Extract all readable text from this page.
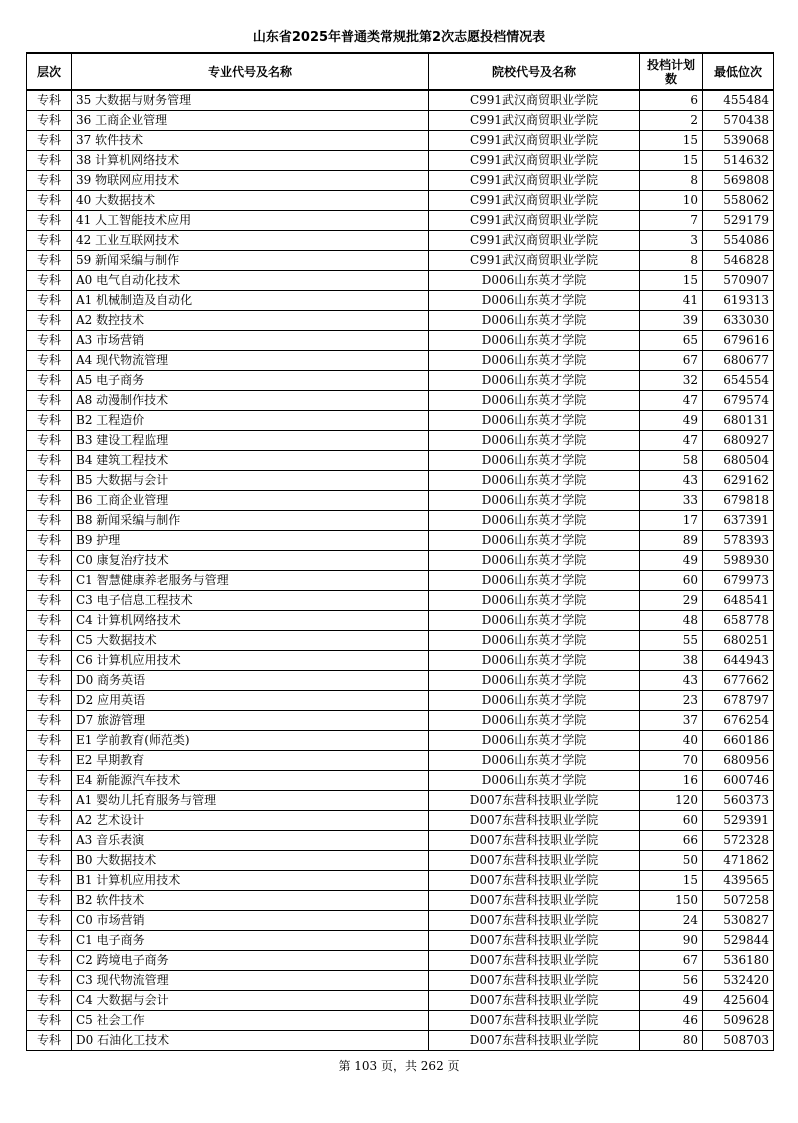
山东省2025年普通类常规批第2次志愿投档情况表
层次	专业代号及名称	院校代号及名称	投档计划数	最低位次
专科	35 大数据与财务管理	C991武汉商贸职业学院	6	455484
专科	36 工商企业管理	C991武汉商贸职业学院	2	570438
专科	37 软件技术	C991武汉商贸职业学院	15	539068
专科	38 计算机网络技术	C991武汉商贸职业学院	15	514632
专科	39 物联网应用技术	C991武汉商贸职业学院	8	569808
专科	40 大数据技术	C991武汉商贸职业学院	10	558062
专科	41 人工智能技术应用	C991武汉商贸职业学院	7	529179
专科	42 工业互联网技术	C991武汉商贸职业学院	3	554086
专科	59 新闻采编与制作	C991武汉商贸职业学院	8	546828
专科	A0 电气自动化技术	D006山东英才学院	15	570907
专科	A1 机械制造及自动化	D006山东英才学院	41	619313
专科	A2 数控技术	D006山东英才学院	39	633030
专科	A3 市场营销	D006山东英才学院	65	679616
专科	A4 现代物流管理	D006山东英才学院	67	680677
专科	A5 电子商务	D006山东英才学院	32	654554
专科	A8 动漫制作技术	D006山东英才学院	47	679574
专科	B2 工程造价	D006山东英才学院	49	680131
专科	B3 建设工程监理	D006山东英才学院	47	680927
专科	B4 建筑工程技术	D006山东英才学院	58	680504
专科	B5 大数据与会计	D006山东英才学院	43	629162
专科	B6 工商企业管理	D006山东英才学院	33	679818
专科	B8 新闻采编与制作	D006山东英才学院	17	637391
专科	B9 护理	D006山东英才学院	89	578393
专科	C0 康复治疗技术	D006山东英才学院	49	598930
专科	C1 智慧健康养老服务与管理	D006山东英才学院	60	679973
专科	C3 电子信息工程技术	D006山东英才学院	29	648541
专科	C4 计算机网络技术	D006山东英才学院	48	658778
专科	C5 大数据技术	D006山东英才学院	55	680251
专科	C6 计算机应用技术	D006山东英才学院	38	644943
专科	D0 商务英语	D006山东英才学院	43	677662
专科	D2 应用英语	D006山东英才学院	23	678797
专科	D7 旅游管理	D006山东英才学院	37	676254
专科	E1 学前教育(师范类)	D006山东英才学院	40	660186
专科	E2 早期教育	D006山东英才学院	70	680956
专科	E4 新能源汽车技术	D006山东英才学院	16	600746
专科	A1 婴幼儿托育服务与管理	D007东营科技职业学院	120	560373
专科	A2 艺术设计	D007东营科技职业学院	60	529391
专科	A3 音乐表演	D007东营科技职业学院	66	572328
专科	B0 大数据技术	D007东营科技职业学院	50	471862
专科	B1 计算机应用技术	D007东营科技职业学院	15	439565
专科	B2 软件技术	D007东营科技职业学院	150	507258
专科	C0 市场营销	D007东营科技职业学院	24	530827
专科	C1 电子商务	D007东营科技职业学院	90	529844
专科	C2 跨境电子商务	D007东营科技职业学院	67	536180
专科	C3 现代物流管理	D007东营科技职业学院	56	532420
专科	C4 大数据与会计	D007东营科技职业学院	49	425604
专科	C5 社会工作	D007东营科技职业学院	46	509628
专科	D0 石油化工技术	D007东营科技职业学院	80	508703
第 103 页，共 262 页
